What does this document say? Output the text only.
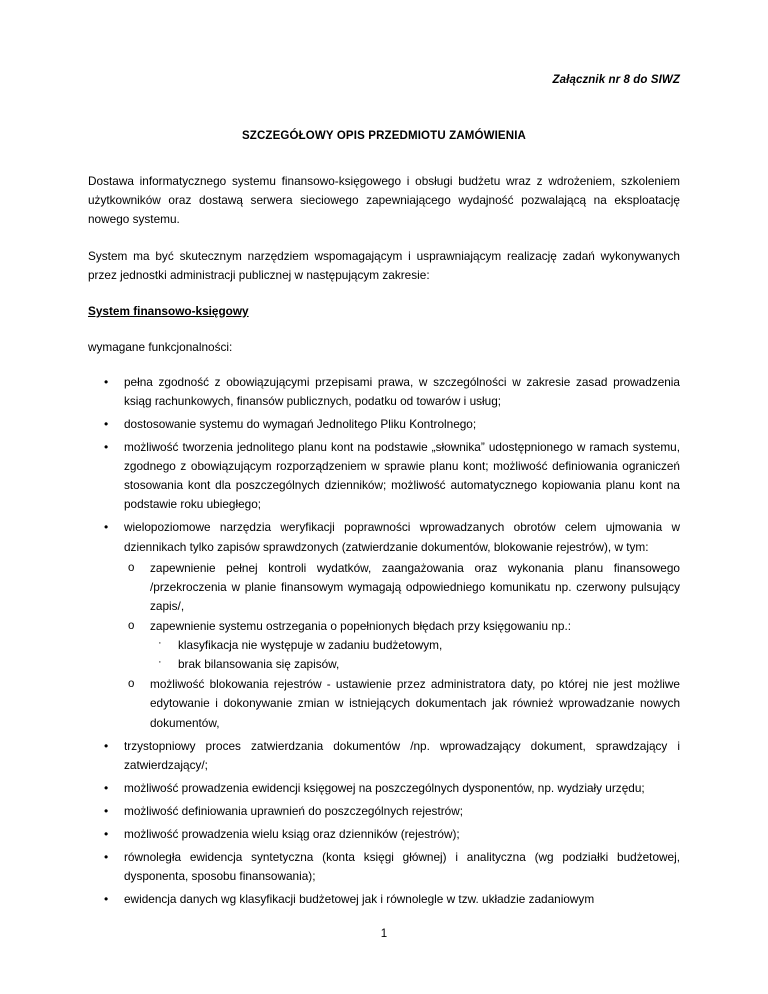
Załącznik nr 8 do SIWZ
SZCZEGÓŁOWY OPIS PRZEDMIOTU ZAMÓWIENIA

Dostawa informatycznego systemu finansowo-księgowego i obsługi budżetu wraz z wdrożeniem, szkoleniem użytkowników oraz dostawą serwera sieciowego zapewniającego wydajność pozwalającą na eksploatację nowego systemu.

System ma być skutecznym narzędziem wspomagającym i usprawniającym realizację zadań wykonywanych przez jednostki administracji publicznej w następującym zakresie:

System finansowo-księgowy
wymagane funkcjonalności:
• pełna zgodność z obowiązującymi przepisami prawa, w szczególności w zakresie zasad prowadzenia ksiąg rachunkowych, finansów publicznych, podatku od towarów i usług;
• dostosowanie systemu do wymagań Jednolitego Pliku Kontrolnego;
• możliwość tworzenia jednolitego planu kont na podstawie „słownika” udostępnionego w ramach systemu, zgodnego z obowiązującym rozporządzeniem w sprawie planu kont; możliwość definiowania ograniczeń stosowania kont dla poszczególnych dzienników; możliwość automatycznego kopiowania planu kont na podstawie roku ubiegłego;
• wielopoziomowe narzędzia weryfikacji poprawności wprowadzanych obrotów celem ujmowania w dziennikach tylko zapisów sprawdzonych (zatwierdzanie dokumentów, blokowanie rejestrów), w tym:
o zapewnienie pełnej kontroli wydatków, zaangażowania oraz wykonania planu finansowego /przekroczenia w planie finansowym wymagają odpowiedniego komunikatu np. czerwony pulsujący zapis/,
o zapewnienie systemu ostrzegania o popełnionych błędach przy księgowaniu np.:
· klasyfikacja nie występuje w zadaniu budżetowym,
· brak bilansowania się zapisów,
o możliwość blokowania rejestrów - ustawienie przez administratora daty, po której nie jest możliwe edytowanie i dokonywanie zmian w istniejących dokumentach jak również wprowadzanie nowych dokumentów,
• trzystopniowy proces zatwierdzania dokumentów /np. wprowadzający dokument, sprawdzający i zatwierdzający/;
• możliwość prowadzenia ewidencji księgowej na poszczególnych dysponentów, np. wydziały urzędu;
• możliwość definiowania uprawnień do poszczególnych rejestrów;
• możliwość prowadzenia wielu ksiąg oraz dzienników (rejestrów);
• równoległa ewidencja syntetyczna (konta księgi głównej) i analityczna (wg podziałki budżetowej, dysponenta, sposobu finansowania);
• ewidencja danych wg klasyfikacji budżetowej jak i równolegle w tzw. układzie zadaniowym
1
